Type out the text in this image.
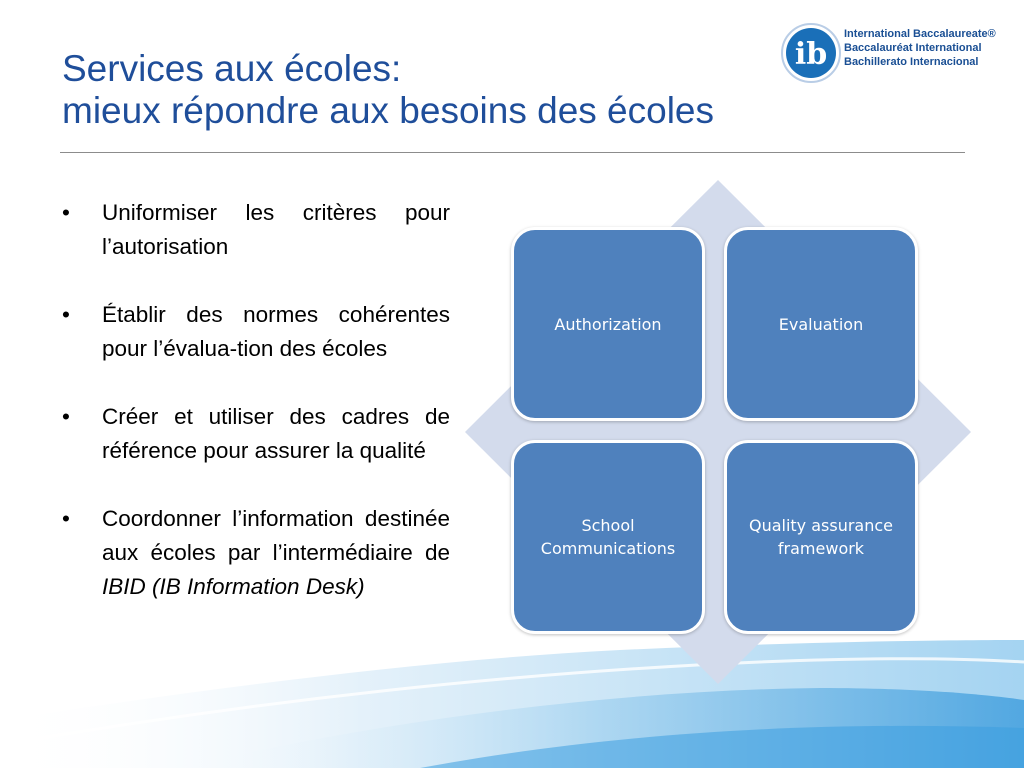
Services aux écoles:
mieux répondre aux besoins des écoles
ib
International Baccalaureate®
Baccalauréat International
Bachillerato Internacional
• Uniformiser les critères pour l’autorisation
• Établir des normes cohérentes pour l’évalua-tion des écoles
• Créer et utiliser des cadres de référence pour assurer la qualité
• Coordonner l’information destinée aux écoles par l’intermédiaire de IBID (IB Information Desk)
Authorization	Evaluation
School Communications
Quality assurance framework
